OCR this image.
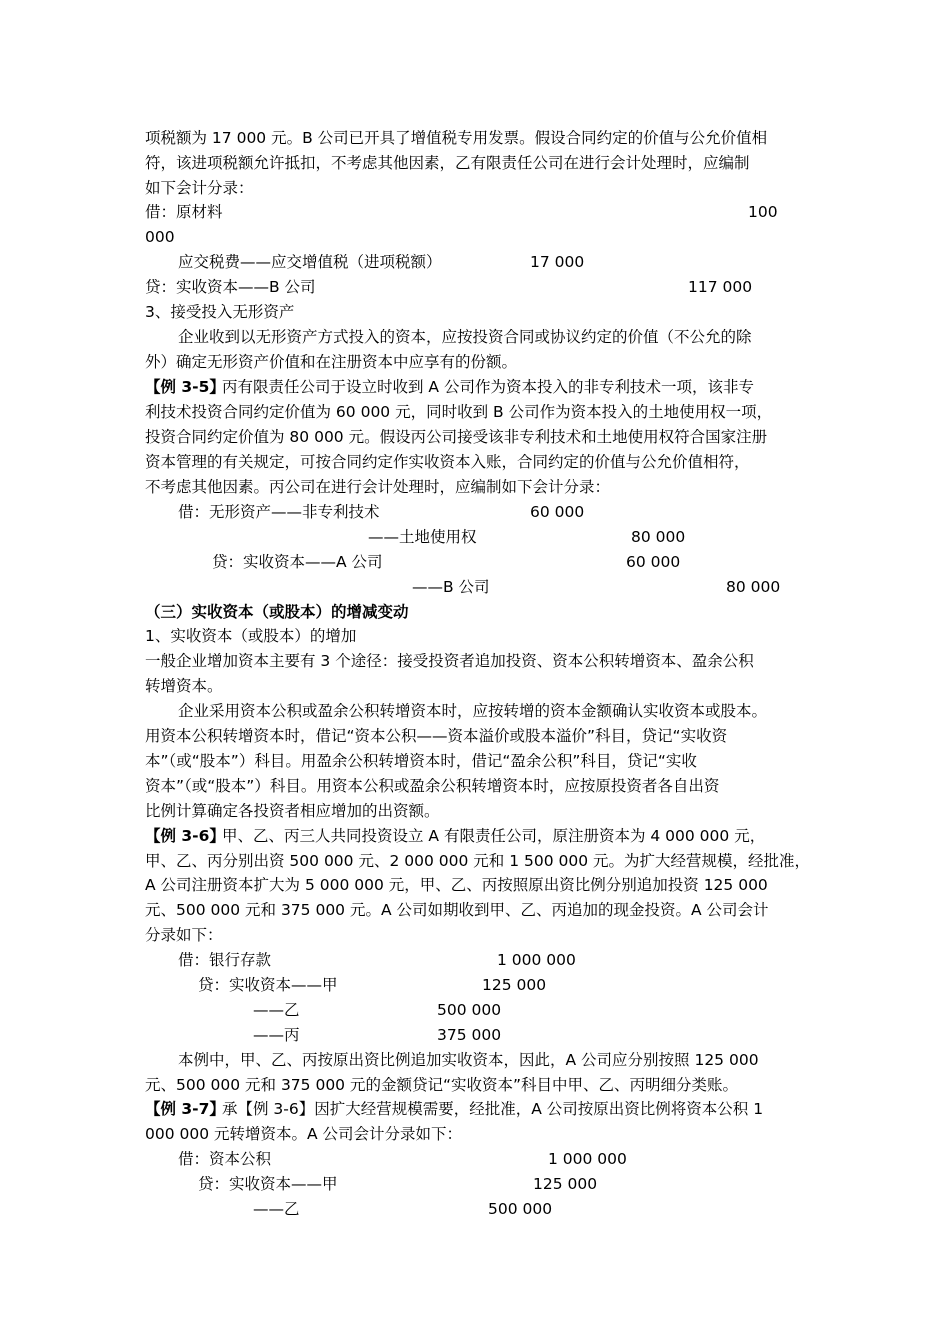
项税额为 17 000 元。B 公司已开具了增值税专用发票。假设合同约定的价值与公允价值相
符，该进项税额允许抵扣，不考虑其他因素，乙有限责任公司在进行会计处理时，应编制
如下会计分录：
借：原材料	100
000
应交税费——应交增值税（进项税额）	17 000
贷：实收资本——B 公司	117 000
3、接受投入无形资产
企业收到以无形资产方式投入的资本，应按投资合同或协议约定的价值（不公允的除
外）确定无形资产价值和在注册资本中应享有的份额。
【例 3-5】
丙有限责任公司于设立时收到 A 公司作为资本投入的非专利技术一项，该非专
利技术投资合同约定价值为 60 000 元，同时收到 B 公司作为资本投入的土地使用权一项，
投资合同约定价值为 80 000 元。假设丙公司接受该非专利技术和土地使用权符合国家注册
资本管理的有关规定，可按合同约定作实收资本入账，合同约定的价值与公允价值相符，
不考虑其他因素。丙公司在进行会计处理时，应编制如下会计分录：
借：无形资产——非专利技术	60 000
——土地使用权	80 000
贷：实收资本——A 公司	60 000
——B 公司	80 000
（三）实收资本（或股本）的增减变动
1、实收资本（或股本）的增加
一般企业增加资本主要有 3 个途径：接受投资者追加投资、资本公积转增资本、盈余公积
转增资本。
企业采用资本公积或盈余公积转增资本时，应按转增的资本金额确认实收资本或股本。
用资本公积转增资本时，借记“资本公积——资本溢价或股本溢价”科目，贷记“实收资
本”（或“股本”）科目。用盈余公积转增资本时，借记“盈余公积”科目，贷记“实收
资本”（或“股本”）科目。用资本公积或盈余公积转增资本时，应按原投资者各自出资
比例计算确定各投资者相应增加的出资额。
【例 3-6】
甲、乙、丙三人共同投资设立 A 有限责任公司，原注册资本为 4 000 000 元，
甲、乙、丙分别出资 500 000 元、2 000 000 元和 1 500 000 元。为扩大经营规模，经批准，
A 公司注册资本扩大为 5 000 000 元，甲、乙、丙按照原出资比例分别追加投资 125 000
元、500 000 元和 375 000 元。A 公司如期收到甲、乙、丙追加的现金投资。A 公司会计
分录如下：
借：银行存款	1 000 000
贷：实收资本——甲	125 000
——乙	500 000
——丙	375 000
本例中，甲、乙、丙按原出资比例追加实收资本，因此，A 公司应分别按照 125 000
元、500 000 元和 375 000 元的金额贷记“实收资本”科目中甲、乙、丙明细分类账。
【例 3-7】
承【例 3-6】因扩大经营规模需要，经批准，A 公司按原出资比例将资本公积 1
000 000 元转增资本。A 公司会计分录如下：
借：资本公积	1 000 000
贷：实收资本——甲	125 000
——乙	500 000
